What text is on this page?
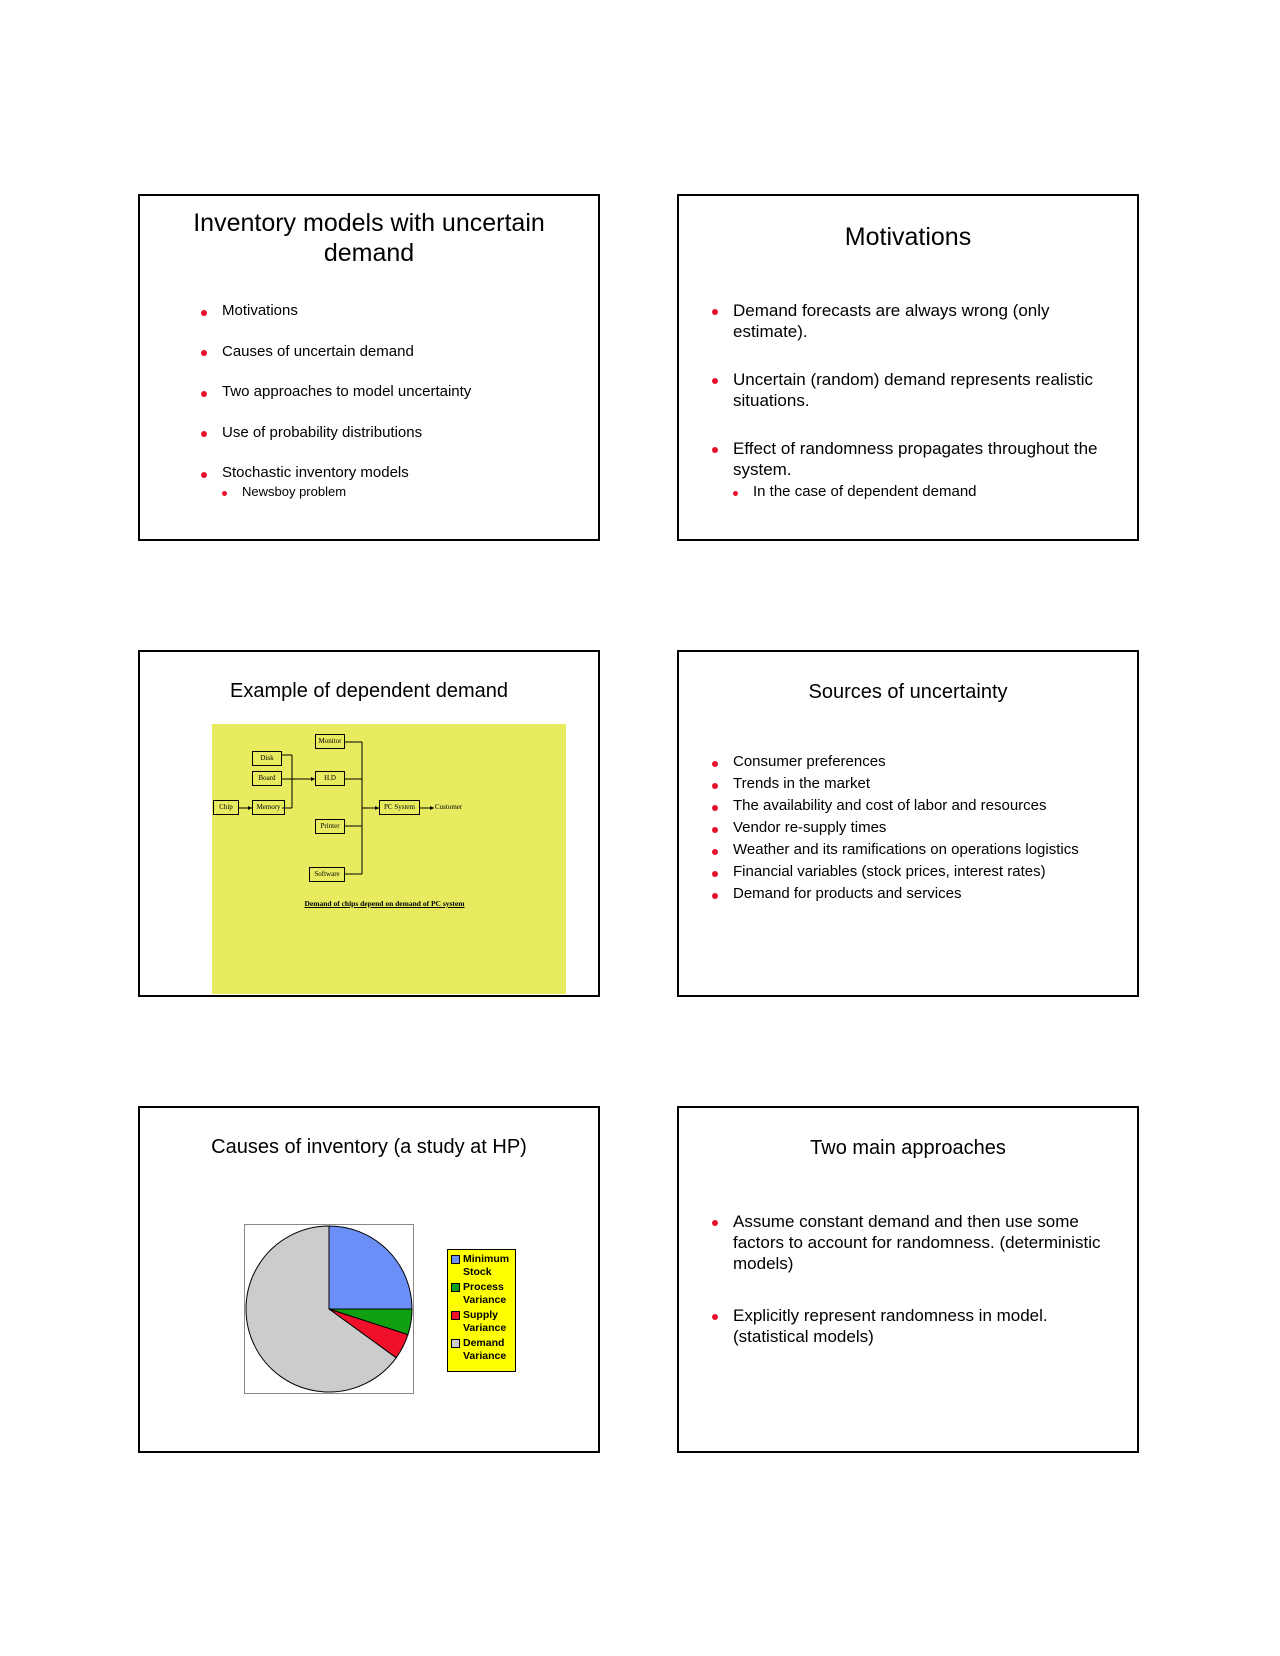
Inventory models with uncertain demand
Motivations
Causes of uncertain demand
Two approaches to model uncertainty
Use of probability distributions
Stochastic inventory models
Newsboy problem
Motivations
Demand forecasts are always wrong (only estimate).
Uncertain (random) demand represents realistic situations.
Effect of randomness propagates throughout the system.
In the case of dependent demand
Example of dependent demand
Monitor
Disk
Board	H.D
Chip	Memory	PC System	Customer
Printer
Software
Demand of chips depend on demand of PC system
Sources of uncertainty
Consumer preferences
Trends in the market
The availability and cost of labor and resources
Vendor re-supply times
Weather and its ramifications on operations logistics
Financial variables (stock prices, interest rates)
Demand for products and services
Causes of inventory (a study at HP)
Minimum Stock
Process Variance
Supply Variance
Demand Variance
Two main approaches
Assume constant demand and then use some factors to account for randomness. (deterministic models)
Explicitly represent randomness in model. (statistical models)
